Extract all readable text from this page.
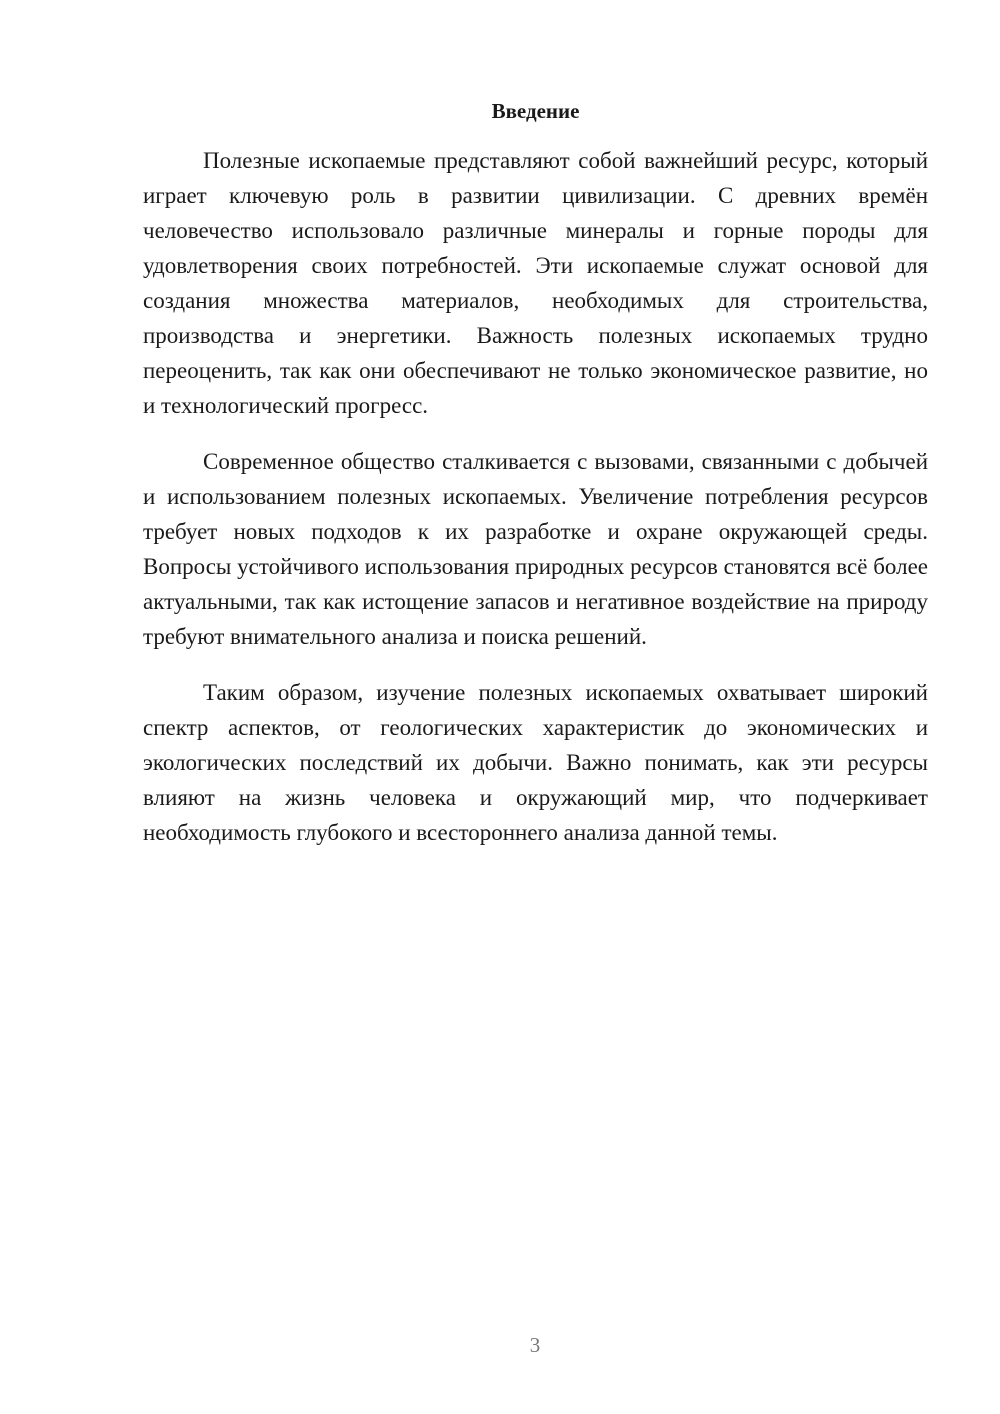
Введение

Полезные ископаемые представляют собой важнейший ресурс, который играет ключевую роль в развитии цивилизации. С древних времён человечество использовало различные минералы и горные породы для удовлетворения своих потребностей. Эти ископаемые служат основой для создания множества материалов, необходимых для строительства, производства и энергетики. Важность полезных ископаемых трудно переоценить, так как они обеспечивают не только экономическое развитие, но и технологический прогресс.

Современное общество сталкивается с вызовами, связанными с добычей и использованием полезных ископаемых. Увеличение потребления ресурсов требует новых подходов к их разработке и охране окружающей среды. Вопросы устойчивого использования природных ресурсов становятся всё более актуальными, так как истощение запасов и негативное воздействие на природу требуют внимательного анализа и поиска решений.

Таким образом, изучение полезных ископаемых охватывает широкий спектр аспектов, от геологических характеристик до экономических и экологических последствий их добычи. Важно понимать, как эти ресурсы влияют на жизнь человека и окружающий мир, что подчеркивает необходимость глубокого и всестороннего анализа данной темы.

3
